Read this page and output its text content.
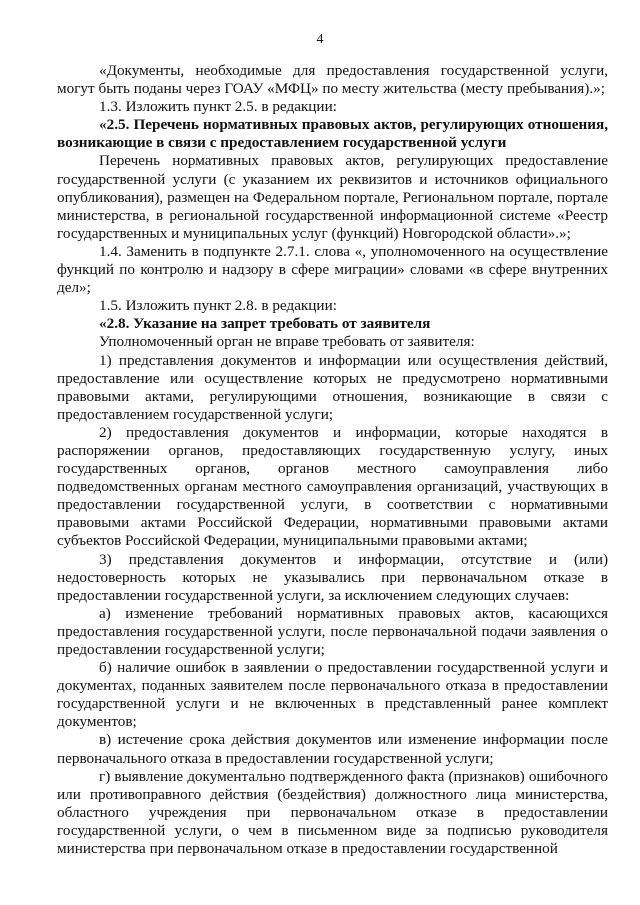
4

«Документы, необходимые для предоставления государственной услуги, могут быть поданы через ГОАУ «МФЦ» по месту жительства (месту пребывания).»;

1.3. Изложить пункт 2.5. в редакции:

«2.5. Перечень нормативных правовых актов, регулирующих отношения, возникающие в связи с предоставлением государственной услуги

Перечень нормативных правовых актов, регулирующих предоставление государственной услуги (с указанием их реквизитов и источников официального опубликования), размещен на Федеральном портале, Региональном портале, портале министерства, в региональной государственной информационной системе «Реестр государственных и муниципальных услуг (функций) Новгородской области».»;

1.4. Заменить в подпункте 2.7.1. слова «, уполномоченного на осуществление функций по контролю и надзору в сфере миграции» словами «в сфере внутренних дел»;

1.5. Изложить пункт 2.8. в редакции:

«2.8. Указание на запрет требовать от заявителя

Уполномоченный орган не вправе требовать от заявителя:

1) представления документов и информации или осуществления действий, предоставление или осуществление которых не предусмотрено нормативными правовыми актами, регулирующими отношения, возникающие в связи с предоставлением государственной услуги;

2) предоставления документов и информации, которые находятся в распоряжении органов, предоставляющих государственную услугу, иных государственных органов, органов местного самоуправления либо подведомственных органам местного самоуправления организаций, участвующих в предоставлении государственной услуги, в соответствии с нормативными правовыми актами Российской Федерации, нормативными правовыми актами субъектов Российской Федерации, муниципальными правовыми актами;

3) представления документов и информации, отсутствие и (или) недостоверность которых не указывались при первоначальном отказе в предоставлении государственной услуги, за исключением следующих случаев:

а) изменение требований нормативных правовых актов, касающихся предоставления государственной услуги, после первоначальной подачи заявления о предоставлении государственной услуги;

б) наличие ошибок в заявлении о предоставлении государственной услуги и документах, поданных заявителем после первоначального отказа в предоставлении государственной услуги и не включенных в представленный ранее комплект документов;

в) истечение срока действия документов или изменение информации после первоначального отказа в предоставлении государственной услуги;

г) выявление документально подтвержденного факта (признаков) ошибочного или противоправного действия (бездействия) должностного лица министерства, областного учреждения при первоначальном отказе в предоставлении государственной услуги, о чем в письменном виде за подписью руководителя министерства при первоначальном отказе в предоставлении государственной
